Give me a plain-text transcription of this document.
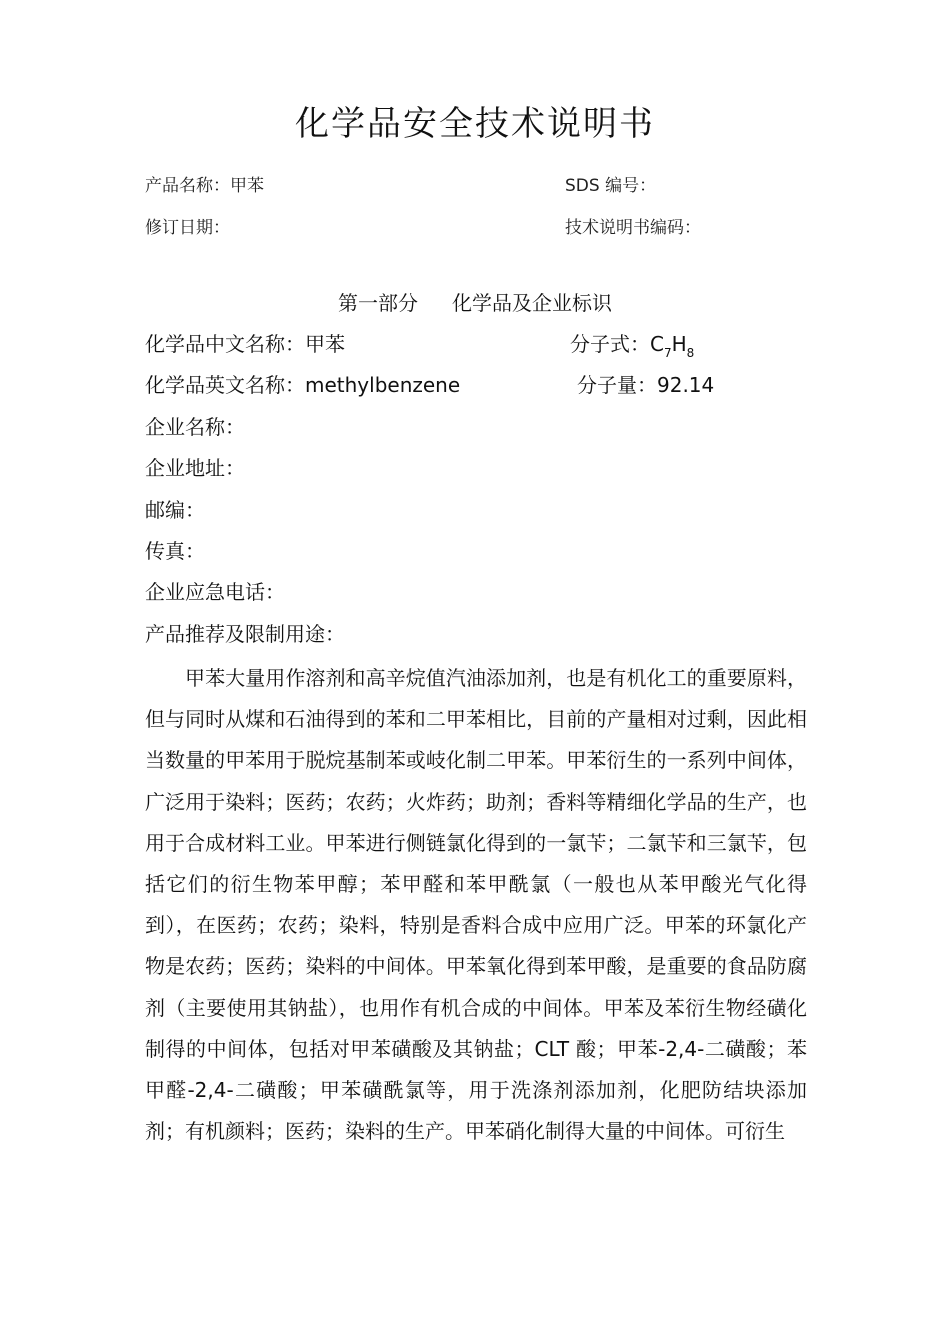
化学品安全技术说明书
产品名称：甲苯	SDS 编号：
修订日期：	技术说明书编码：
第一部分 化学品及企业标识
化学品中文名称：甲苯	分子式：$C_7H_8$
化学品英文名称：methylbenzene	分子量：92.14
企业名称：
企业地址：
邮编：
传真：
企业应急电话：
产品推荐及限制用途：
甲苯大量用作溶剂和高辛烷值汽油添加剂，也是有机化工的重要原料，但与同时从煤和石油得到的苯和二甲苯相比，目前的产量相对过剩，因此相当数量的甲苯用于脱烷基制苯或岐化制二甲苯。甲苯衍生的一系列中间体，广泛用于染料；医药；农药；火炸药；助剂；香料等精细化学品的生产，也用于合成材料工业。甲苯进行侧链氯化得到的一氯苄；二氯苄和三氯苄，包括它们的衍生物苯甲醇；苯甲醛和苯甲酰氯（一般也从苯甲酸光气化得到），在医药；农药；染料，特别是香料合成中应用广泛。甲苯的环氯化产物是农药；医药；染料的中间体。甲苯氧化得到苯甲酸，是重要的食品防腐剂（主要使用其钠盐），也用作有机合成的中间体。甲苯及苯衍生物经磺化制得的中间体，包括对甲苯磺酸及其钠盐；CLT 酸；甲苯-2,4-二磺酸；苯甲醛-2,4-二磺酸；甲苯磺酰氯等，用于洗涤剂添加剂，化肥防结块添加剂；有机颜料；医药；染料的生产。甲苯硝化制得大量的中间体。可衍生
